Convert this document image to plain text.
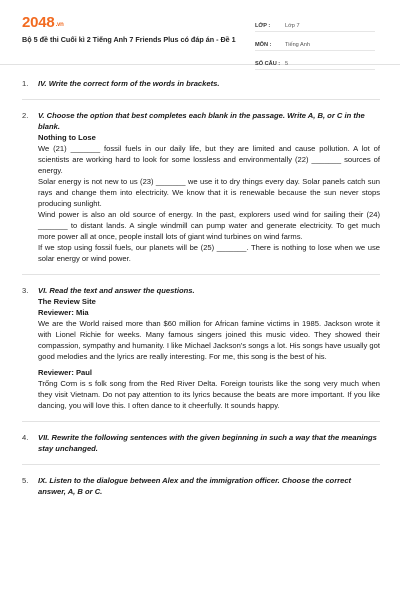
2048.vn
Bộ 5 đề thi Cuối kì 2 Tiếng Anh 7 Friends Plus có đáp án - Đề 1
LỚP :	Lớp 7
MÔN :	Tiếng Anh
SỐ CÂU : 5
1. IV. Write the correct form of the words in brackets.
2. V. Choose the option that best completes each blank in the passage. Write A, B, or C in the blank.
Nothing to Lose
We (21) _______ fossil fuels in our daily life, but they are limited and cause pollution. A lot of scientists are working hard to look for some lossless and environmentally (22) _______ sources of energy.
Solar energy is not new to us (23) _______ we use it to dry things every day. Solar panels catch sun rays and change them into electricity. We know that it is renewable because the sun never stops producing sunlight.
Wind power is also an old source of energy. In the past, explorers used wind for sailing their (24) _______ to distant lands. A single windmill can pump water and generate electricity. To get much more power all at once, people install lots of giant wind turbines on wind farms.
If we stop using fossil fuels, our planets will be (25) _______. There is nothing to lose when we use solar energy or wind power.
3. VI. Read the text and answer the questions.
The Review Site
Reviewer: Mia
We are the World raised more than $60 million for African famine victims in 1985. Jackson wrote it with Lionel Richie for weeks. Many famous singers joined this music video. They showed their compassion, sympathy and humanity. I like Michael Jackson's songs a lot. His songs have usually got good melodies and the lyrics are really interesting. For me, this song is the best of his.
Reviewer: Paul
Trống Cơm is s folk song from the Red River Delta. Foreign tourists like the song very much when they visit Vietnam. Do not pay attention to its lyrics because the beats are more important. If you like dancing, you will love this. I often dance to it cheerfully. It sounds happy.
4. VII. Rewrite the following sentences with the given beginning in such a way that the meanings stay unchanged.
5. IX. Listen to the dialogue between Alex and the immigration officer. Choose the correct answer, A, B or C.
